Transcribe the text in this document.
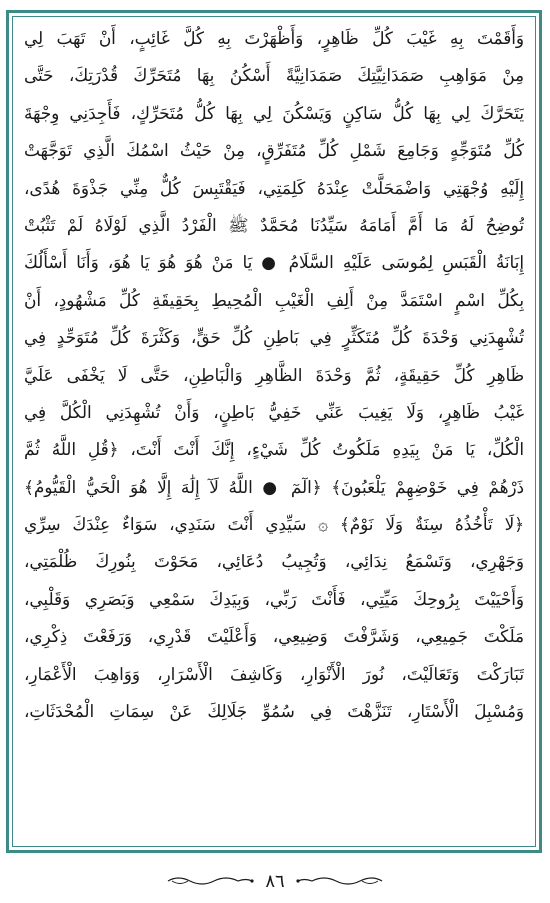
وَأَقَمْتَ بِهِ غَيْبَ كُلِّ ظَاهِرٍ، وَأَظْهَرْتَ بِهِ كُلَّ غَائِبٍ، أَنْ تَهَبَ لِي
مِنْ مَوَاهِبِ صَمَدَانِيَّتِكَ صَمَدَانِيَّةً أَسْكُنُ بِهَا مُتَحَرِّكَ قُدْرَتِكَ، حَتَّى
يَتَحَرَّكَ لِي بِهَا كُلُّ سَاكِنٍ وَيَسْكُنَ لِي بِهَا كُلُّ مُتَحَرِّكٍ، فَأَجِدَنِي وِجْهَةَ
كُلِّ مُتَوَجِّهٍ وَجَامِعَ شَمْلِ كُلِّ مُتَفَرِّقٍ، مِنْ حَيْثُ اسْمُكَ الَّذِي تَوَجَّهَتْ
إِلَيْهِ وُجْهَتِي وَاضْمَحَلَّتْ عِنْدَهُ كَلِمَتِي، فَيَقْتَبِسَ كُلٌّ مِنِّي جَذْوَةَ هُدًى،
تُوضِحُ لَهُ مَا أَمَّ أَمَامَهُ سَيِّدُنَا مُحَمَّدٌ ﷺ الْفَرْدُ الَّذِي لَوْلَاهُ لَمْ تَثْبُتْ
إِبَانَةُ الْقَبَسِ لِمُوسَى عَلَيْهِ السَّلَامُ ● يَا مَنْ هُوَ هُوَ يَا هُوَ، وَأَنَا أَسْأَلُكَ
بِكُلِّ اسْمٍ اسْتَمَدَّ مِنْ أَلِفِ الْغَيْبِ الْمُحِيطِ بِحَقِيقَةِ كُلِّ مَشْهُودٍ، أَنْ
تُشْهِدَنِي وَحْدَةَ كُلِّ مُتَكَثِّرٍ فِي بَاطِنِ كُلِّ حَقٍّ، وَكَثْرَةَ كُلِّ مُتَوَحِّدٍ فِي
ظَاهِرِ كُلِّ حَقِيقَةٍ، ثُمَّ وَحْدَةَ الظَّاهِرِ وَالْبَاطِنِ، حَتَّى لَا يَخْفَى عَلَيَّ
غَيْبُ ظَاهِرٍ، وَلَا يَغِيبَ عَنِّي خَفِيُّ بَاطِنٍ، وَأَنْ تُشْهِدَنِي الْكُلَّ فِي
الْكُلِّ، يَا مَنْ بِيَدِهِ مَلَكُوتُ كُلِّ شَيْءٍ، إِنَّكَ أَنْتَ أَنْتَ، ﴿قُلِ اللَّهُ ثُمَّ
ذَرْهُمْ فِي خَوْضِهِمْ يَلْعَبُونَ﴾ ﴿الٓمٓ ● اللَّهُ لَآ إِلَٰهَ إِلَّا هُوَ الْحَيُّ الْقَيُّومُ﴾
﴿لَا تَأْخُذُهُ سِنَةٌ وَلَا نَوْمٌ﴾ ۞ سَيِّدِي أَنْتَ سَنَدِي، سَوَاءٌ عِنْدَكَ سِرِّي
وَجَهْرِي، وَتَسْمَعُ نِدَائِي، وَتُجِيبُ دُعَائِي، مَحَوْتَ بِنُورِكَ ظُلْمَتِي،
وَأَحْيَيْتَ بِرُوحِكَ مَيِّتِي، فَأَنْتَ رَبِّي، وَبِيَدِكَ سَمْعِي وَبَصَرِي وَقَلْبِي،
مَلَكْتَ جَمِيعِي، وَشَرَّفْتَ وَضِيعِي، وَأَعْلَيْتَ قَدْرِي، وَرَفَعْتَ ذِكْرِي،
تَبَارَكْتَ وَتَعَالَيْتَ، نُورَ الْأَنْوَارِ، وَكَاشِفَ الْأَسْرَارِ، وَوَاهِبَ الْأَعْمَارِ،
وَمُسْبِلَ الْأَسْتَارِ، تَنَزَّهْتَ فِي سُمُوِّ جَلَالِكَ عَنْ سِمَاتِ الْمُحْدَثَاتِ،
٨٦
